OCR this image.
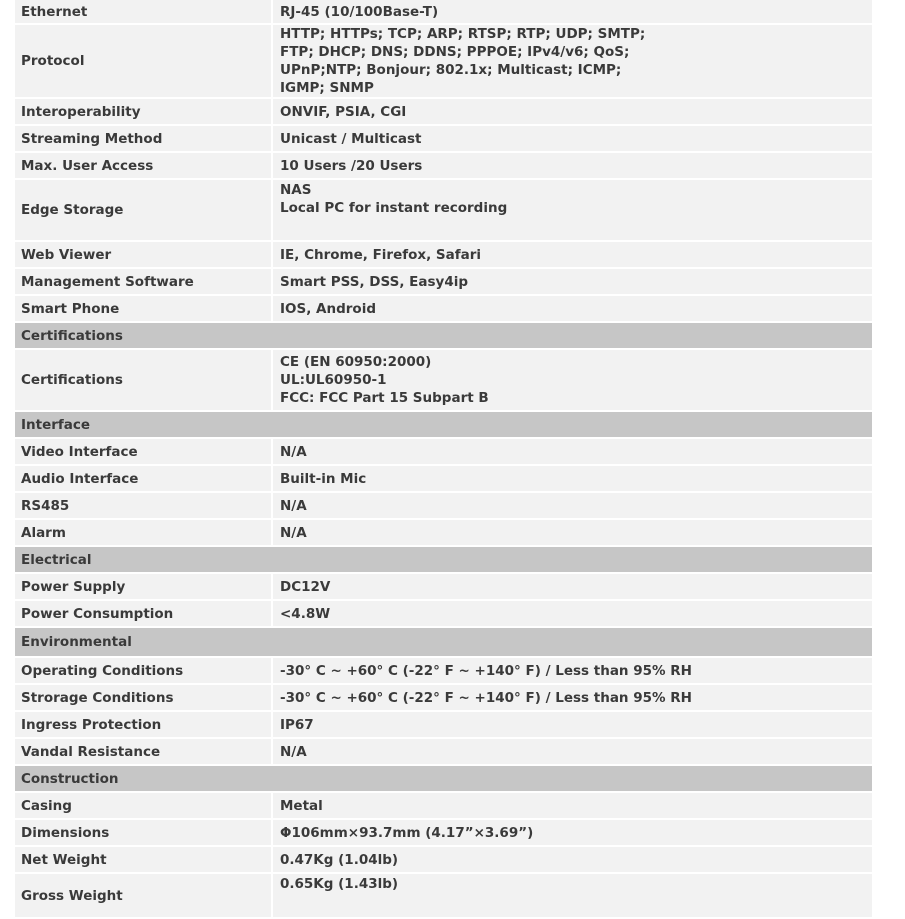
Ethernet	RJ-45 (10/100Base-T)

Protocol	HTTP; HTTPs; TCP; ARP; RTSP; RTP; UDP; SMTP;
FTP; DHCP; DNS; DDNS; PPPOE; IPv4/v6; QoS;
UPnP;NTP; Bonjour; 802.1x; Multicast; ICMP;
IGMP; SNMP

Interoperability	ONVIF, PSIA, CGI

Streaming Method	Unicast / Multicast

Max. User Access	10 Users /20 Users

Edge Storage	NAS
Local PC for instant recording

Web Viewer	IE, Chrome, Firefox, Safari

Management Software	Smart PSS, DSS, Easy4ip

Smart Phone	IOS, Android

Certifications	
Certifications	CE (EN 60950:2000)
UL:UL60950-1
FCC: FCC Part 15 Subpart B

Interface	
Video Interface	N/A

Audio Interface	Built-in Mic

RS485	N/A

Alarm	N/A

Electrical	
Power Supply	DC12V

Power Consumption	<4.8W

Environmental	
Operating Conditions	-30° C ~ +60° C (-22° F ~ +140° F) / Less than 95% RH

Strorage Conditions	-30° C ~ +60° C (-22° F ~ +140° F) / Less than 95% RH

Ingress Protection	IP67

Vandal Resistance	N/A

Construction	
Casing	Metal

Dimensions	Φ106mm×93.7mm (4.17”×3.69”)

Net Weight	0.47Kg (1.04lb)

Gross Weight	0.65Kg (1.43lb)
